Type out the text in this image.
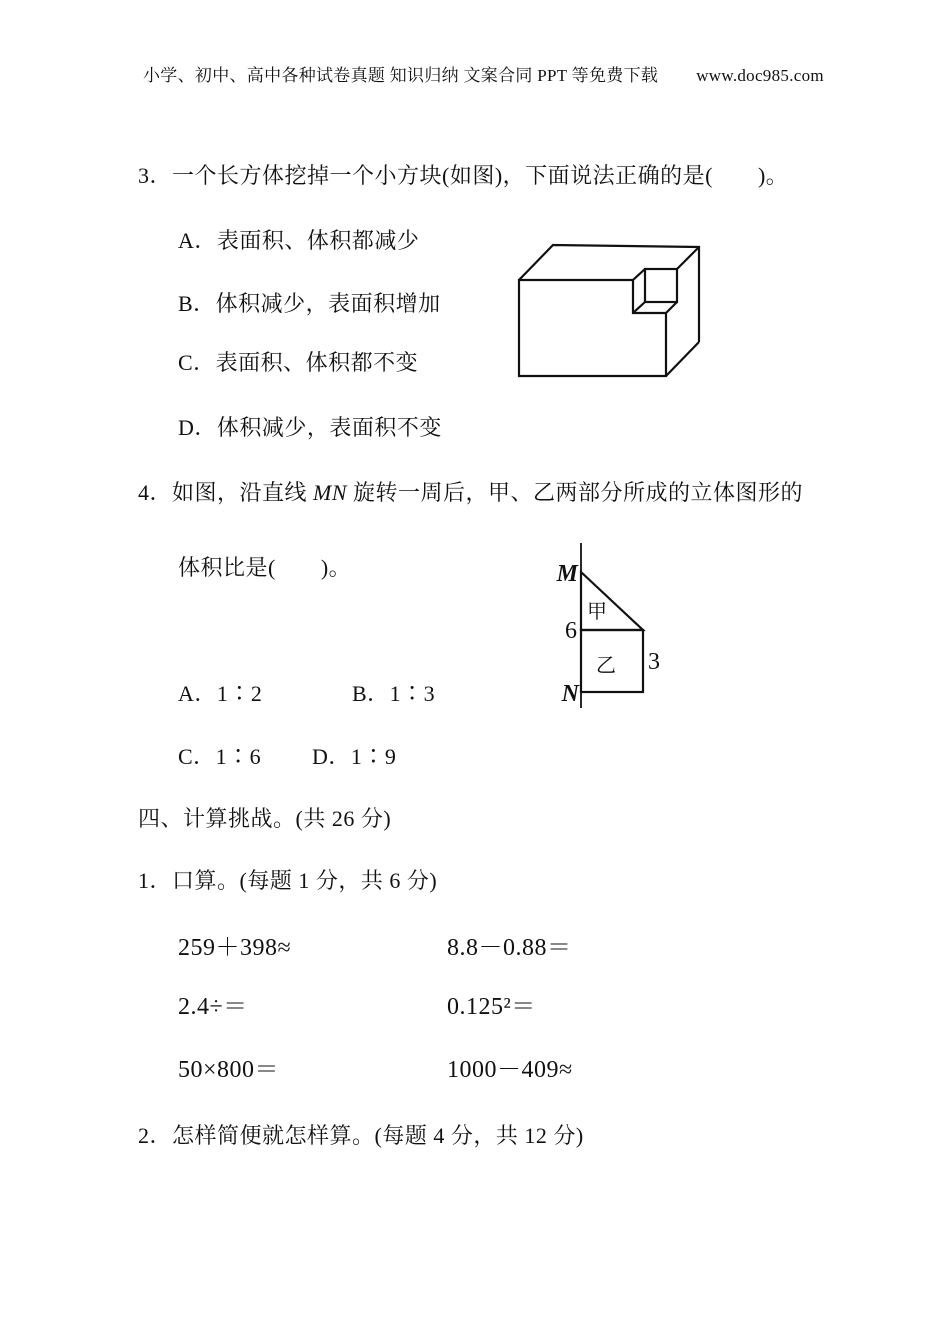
小学、初中、高中各种试卷真题 知识归纳 文案合同 PPT 等免费下载 www.doc985.com
3．一个长方体挖掉一个小方块(如图)，下面说法正确的是(　　)。
A．表面积、体积都减少
B．体积减少，表面积增加
C．表面积、体积都不变
D．体积减少，表面积不变
4．如图，沿直线 MN 旋转一周后，甲、乙两部分所成的立体图形的
体积比是(　　)。	M
甲
6
乙 3
N
A．1∶2	B．1∶3
C．1∶6 D．1∶9
四、计算挑战。(共 26 分)
1．口算。(每题 1 分，共 6 分)
259＋398≈	8.8－0.88＝
2.4÷＝	0.125²＝
50×800＝	1000－409≈
2．怎样简便就怎样算。(每题 4 分，共 12 分)
